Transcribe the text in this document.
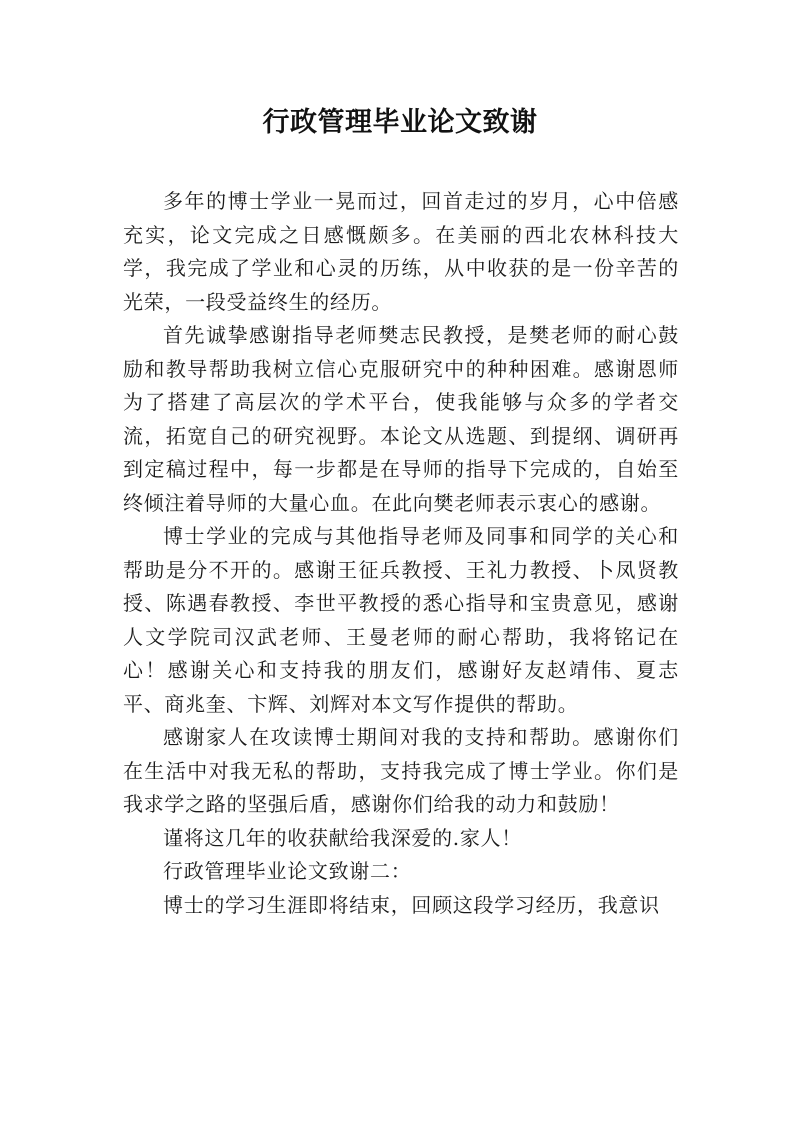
行政管理毕业论文致谢

多年的博士学业一晃而过，回首走过的岁月，心中倍感充实，论文完成之日感慨颇多。在美丽的西北农林科技大学，我完成了学业和心灵的历练，从中收获的是一份辛苦的光荣，一段受益终生的经历。

首先诚挚感谢指导老师樊志民教授，是樊老师的耐心鼓励和教导帮助我树立信心克服研究中的种种困难。感谢恩师为了搭建了高层次的学术平台，使我能够与众多的学者交流，拓宽自己的研究视野。本论文从选题、到提纲、调研再到定稿过程中，每一步都是在导师的指导下完成的，自始至终倾注着导师的大量心血。在此向樊老师表示衷心的感谢。

博士学业的完成与其他指导老师及同事和同学的关心和帮助是分不开的。感谢王征兵教授、王礼力教授、卜凤贤教授、陈遇春教授、李世平教授的悉心指导和宝贵意见，感谢人文学院司汉武老师、王曼老师的耐心帮助，我将铭记在心！感谢关心和支持我的朋友们，感谢好友赵靖伟、夏志平、商兆奎、卞辉、刘辉对本文写作提供的帮助。

感谢家人在攻读博士期间对我的支持和帮助。感谢你们在生活中对我无私的帮助，支持我完成了博士学业。你们是我求学之路的坚强后盾，感谢你们给我的动力和鼓励！

谨将这几年的收获献给我深爱的.家人！

行政管理毕业论文致谢二：

博士的学习生涯即将结束，回顾这段学习经历，我意识
